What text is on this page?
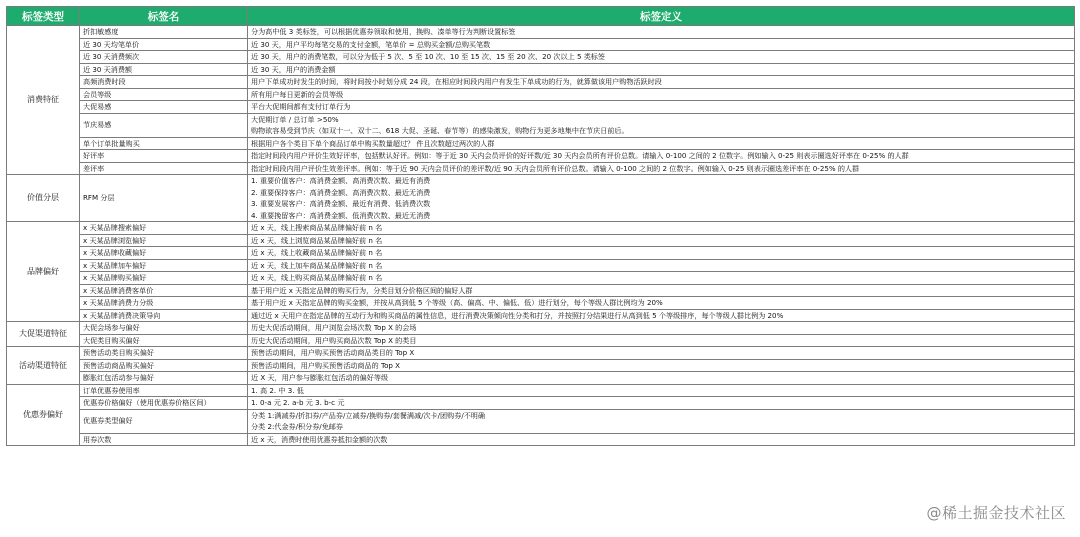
标签类型	标签名	标签定义
消费特征	折扣敏感度	分为高中低 3 类标签，可以根据优惠券领取和使用，换购、凑单等行为判断设置标签
	近 30 天均笔单价	近 30 天，用户平均每笔交易的支付金额，笔单价 = 总购买金额/总购买笔数
	近 30 天消费频次	近 30 天，用户的消费笔数，可以分为低于 5 次、5 至 10 次、10 至 15 次、15 至 20 次、20 次以上 5 类标签
	近 30 天消费额	近 30 天，用户的消费金额
	高频消费时段	用户下单成功时发生的时间，将时间按小时划分成 24 段，在相应时间段内用户有发生下单成功的行为，就算做该用户购物活跃时段
	会员等级	所有用户每日更新的会员等级
	大促易感	平台大促期间都有支付订单行为
	节庆易感	大促期订单 / 总订单 >50%
		购物欲容易受到节庆（如双十一、双十二、618 大促、圣诞、春节等）的感染激发，购物行为更多地集中在节庆日前后。
	单个订单批量购买	根据用户各个类目下单个商品订单中购买数量超过？ 件且次数超过两次的人群
	好评率	指定时间段内用户评价生效好评率，包括默认好评。例如：等于近 30 天内会员评价的好评数/近 30 天内会员所有评价总数。请输入 0-100 之间的 2 位数字。例如输入 0-25 则表示圈选好评率在 0-25% 的人群
	差评率	指定时间段内用户评价生效差评率。例如：等于近 90 天内会员评价的差评数/近 90 天内会员所有评价总数。请输入 0-100 之间的 2 位数字。例如输入 0-25 则表示圈选差评率在 0-25% 的人群
价值分层	RFM 分层	1. 重要价值客户：高消费金额、高消费次数、最近有消费
		2. 重要保持客户：高消费金额、高消费次数、最近无消费
		3. 重要发展客户：高消费金额、最近有消费、低消费次数
		4. 重要挽留客户：高消费金额、低消费次数、最近无消费
品牌偏好	x 天某品牌搜索偏好	近 x 天，线上搜索商品某品牌偏好前 n 名
	x 天某品牌浏览偏好	近 x 天，线上浏览商品某品牌偏好前 n 名
	x 天某品牌收藏偏好	近 x 天，线上收藏商品某品牌偏好前 n 名
	x 天某品牌加车偏好	近 x 天，线上加车商品某品牌偏好前 n 名
	x 天某品牌购买偏好	近 x 天，线上购买商品某品牌偏好前 n 名
	x 天某品牌消费客单价	基于用户近 x 天指定品牌的购买行为，分类目划分价格区间的偏好人群
	x 天某品牌消费力分级	基于用户近 x 天指定品牌的购买金额，并按从高到低 5 个等级（高、偏高、中、偏低、低）进行划分，每个等级人群比例均为 20%
	x 天某品牌消费决策导向	通过近 x 天用户在指定品牌的互动行为和购买商品的属性信息，进行消费决策倾向性分类和打分，并按照打分结果进行从高到低 5 个等级排序，每个等级人群比例为 20%
大促渠道特征	大促会场参与偏好	历史大促活动期间，用户浏览会场次数 Top X 的会场
	大促类目购买偏好	历史大促活动期间，用户购买商品次数 Top X 的类目
活动渠道特征	预售活动类目购买偏好	预售活动期间，用户购买预售活动商品类目的 Top X
	预售活动商品购买偏好	预售活动期间，用户购买预售活动商品的 Top X
	膨胀红包活动参与偏好	近 X 天，用户参与膨胀红包活动的偏好等级
优惠券偏好	订单优惠券使用率	1. 高 2. 中 3. 低
	优惠券价格偏好（使用优惠券价格区间）	1. 0-a 元 2. a-b 元 3. b-c 元
	优惠券类型偏好	分类 1:满减券/折扣券/产品券/立减券/换购券/套餐满减/次卡/团购券/不明确
		分类 2:代金券/积分券/免邮券
	用券次数	近 x 天，消费时使用优惠券抵扣金额的次数
@稀土掘金技术社区
